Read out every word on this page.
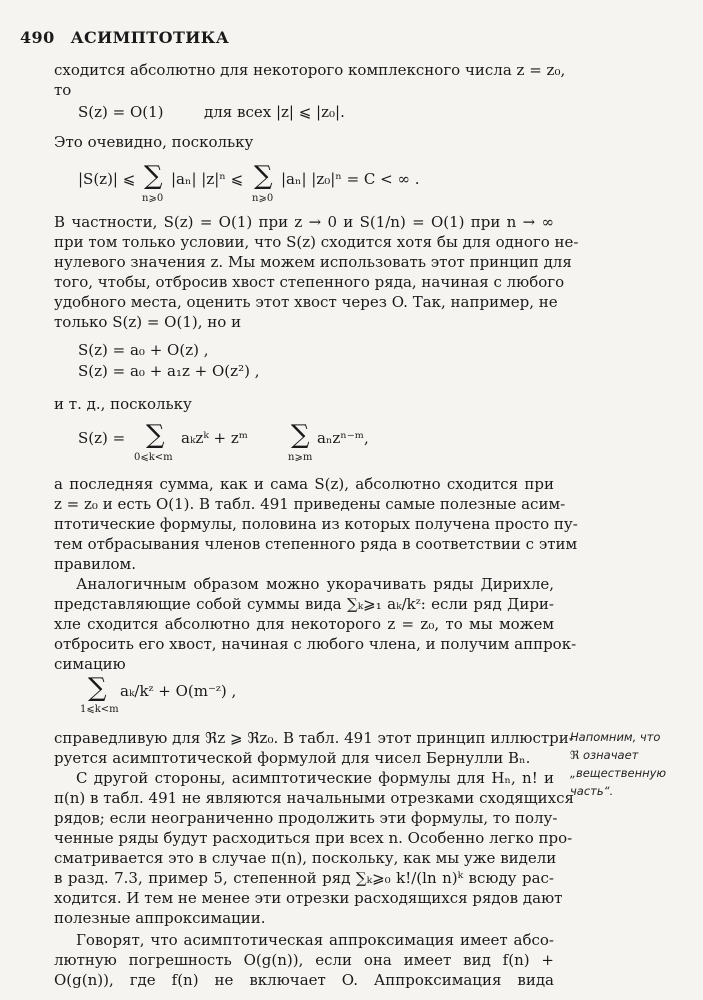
490 АСИМПТОТИКА
сходится абсолютно для некоторого комплексного числа z = z₀,
то
S(z) = O(1)	для всех |z| ⩽ |z₀|.
Это очевидно, поскольку
|S(z)| ⩽ ∑ |aₙ| |z|ⁿ ⩽ ∑ |aₙ| |z₀|ⁿ = C < ∞ .
n⩾0	n⩾0
В частности, S(z) = O(1) при z → 0 и S(1/n) = O(1) при n → ∞
при том только условии, что S(z) сходится хотя бы для одного не-
нулевого значения z. Мы можем использовать этот принцип для
того, чтобы, отбросив хвост степенного ряда, начиная с любого
удобного места, оценить этот хвост через O. Так, например, не
только S(z) = O(1), но и
S(z) = a₀ + O(z) ,
S(z) = a₀ + a₁z + O(z²) ,
и т. д., поскольку
S(z) = ∑ aₖzᵏ + zᵐ ∑ aₙzⁿ⁻ᵐ,
0⩽k<m	n⩾m
а последняя сумма, как и сама S(z), абсолютно сходится при
z = z₀ и есть O(1). В табл. 491 приведены самые полезные асим-
птотические формулы, половина из которых получена просто пу-
тем отбрасывания членов степенного ряда в соответствии с этим
правилом.
Аналогичным образом можно укорачивать ряды Дирихле,
представляющие собой суммы вида ∑ₖ⩾₁ aₖ/kᶻ: если ряд Дири-
хле сходится абсолютно для некоторого z = z₀, то мы можем
отбросить его хвост, начиная с любого члена, и получим аппрок-
симацию
∑ aₖ/kᶻ + O(m⁻ᶻ) ,
1⩽k<m
справедливую для ℜz ⩾ ℜz₀. В табл. 491 этот принцип иллюстри-
руется асимптотической формулой для чисел Бернулли Bₙ.
С другой стороны, асимптотические формулы для Hₙ, n! и
π(n) в табл. 491 не являются начальными отрезками сходящихся
рядов; если неограниченно продолжить эти формулы, то полу-
ченные ряды будут расходиться при всех n. Особенно легко про-
сматривается это в случае π(n), поскольку, как мы уже видели
в разд. 7.3, пример 5, степенной ряд ∑ₖ⩾₀ k!/(ln n)ᵏ всюду рас-
ходится. И тем не менее эти отрезки расходящихся рядов дают
полезные аппроксимации.
Говорят, что асимптотическая аппроксимация имеет абсо-
лютную погрешность O(g(n)), если она имеет вид f(n) +
O(g(n)), где f(n) не включает O. Аппроксимация вида
Напомним, что
ℜ означает
„вещественную
часть“.
